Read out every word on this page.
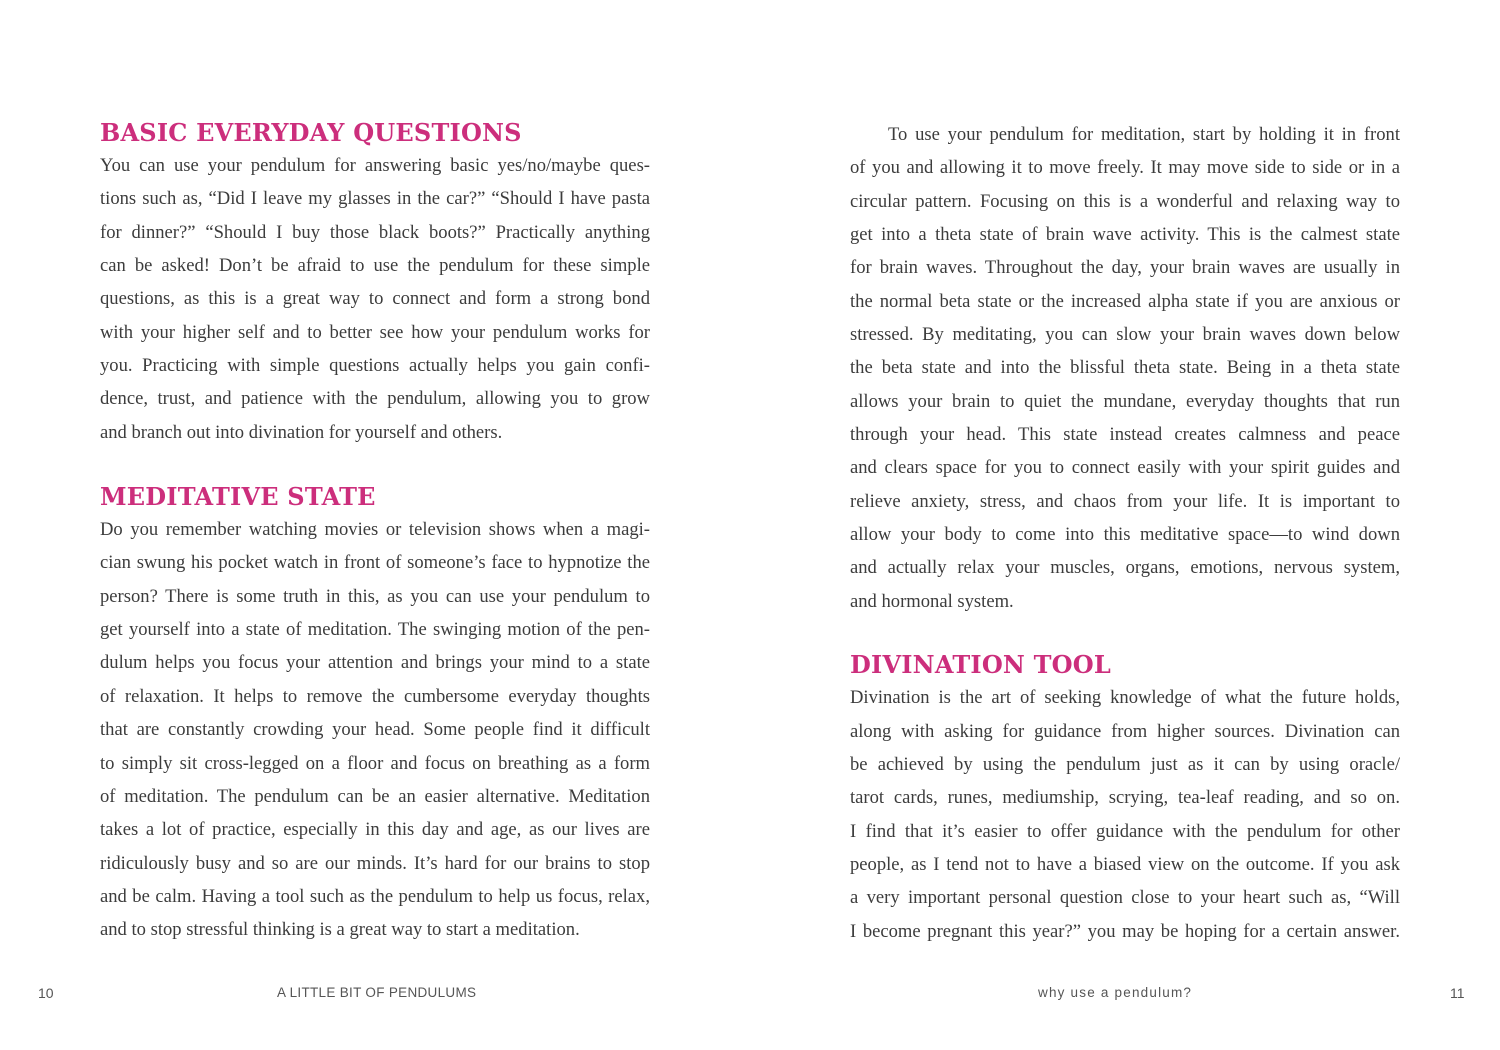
BASIC EVERYDAY QUESTIONS

You can use your pendulum for answering basic yes/no/maybe ques-
tions such as, “Did I leave my glasses in the car?” “Should I have pasta
for dinner?” “Should I buy those black boots?” Practically anything
can be asked! Don’t be afraid to use the pendulum for these simple
questions, as this is a great way to connect and form a strong bond
with your higher self and to better see how your pendulum works for
you. Practicing with simple questions actually helps you gain confi-
dence, trust, and patience with the pendulum, allowing you to grow
and branch out into divination for yourself and others.

MEDITATIVE STATE

Do you remember watching movies or television shows when a magi-
cian swung his pocket watch in front of someone’s face to hypnotize the
person? There is some truth in this, as you can use your pendulum to
get yourself into a state of meditation. The swinging motion of the pen-
dulum helps you focus your attention and brings your mind to a state
of relaxation. It helps to remove the cumbersome everyday thoughts
that are constantly crowding your head. Some people find it difficult
to simply sit cross-legged on a floor and focus on breathing as a form
of meditation. The pendulum can be an easier alternative. Meditation
takes a lot of practice, especially in this day and age, as our lives are
ridiculously busy and so are our minds. It’s hard for our brains to stop
and be calm. Having a tool such as the pendulum to help us focus, relax,
and to stop stressful thinking is a great way to start a meditation.

10	A LITTLE BIT OF PENDULUMS

To use your pendulum for meditation, start by holding it in front
of you and allowing it to move freely. It may move side to side or in a
circular pattern. Focusing on this is a wonderful and relaxing way to
get into a theta state of brain wave activity. This is the calmest state
for brain waves. Throughout the day, your brain waves are usually in
the normal beta state or the increased alpha state if you are anxious or
stressed. By meditating, you can slow your brain waves down below
the beta state and into the blissful theta state. Being in a theta state
allows your brain to quiet the mundane, everyday thoughts that run
through your head. This state instead creates calmness and peace
and clears space for you to connect easily with your spirit guides and
relieve anxiety, stress, and chaos from your life. It is important to
allow your body to come into this meditative space—to wind down
and actually relax your muscles, organs, emotions, nervous system,
and hormonal system.

DIVINATION TOOL

Divination is the art of seeking knowledge of what the future holds,
along with asking for guidance from higher sources. Divination can
be achieved by using the pendulum just as it can by using oracle/
tarot cards, runes, mediumship, scrying, tea-leaf reading, and so on.
I find that it’s easier to offer guidance with the pendulum for other
people, as I tend not to have a biased view on the outcome. If you ask
a very important personal question close to your heart such as, “Will
I become pregnant this year?” you may be hoping for a certain answer.

why use a pendulum?	11
